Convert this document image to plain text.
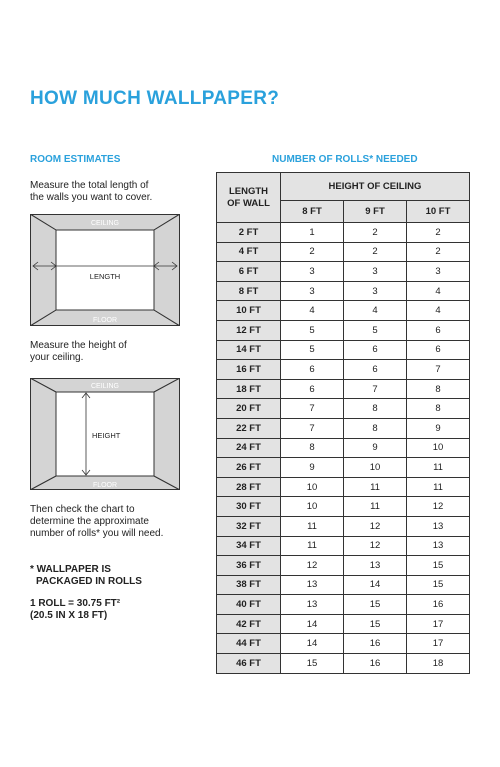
HOW MUCH WALLPAPER?
ROOM ESTIMATES
Measure the total length of
the walls you want to cover.
CEILING
FLOOR
LENGTH
Measure the height of
your ceiling.
CEILING
FLOOR
HEIGHT
Then check the chart to
determine the approximate
number of rolls* you will need.
* WALLPAPER IS
PACKAGED IN ROLLS
1 ROLL = 30.75 FT²
(20.5 IN X 18 FT)
NUMBER OF ROLLS* NEEDED
LENGTH
OF WALL	HEIGHT OF CEILING		
	8 FT	9 FT	10 FT
2 FT	1	2	2
4 FT	2	2	2
6 FT	3	3	3
8 FT	3	3	4
10 FT	4	4	4
12 FT	5	5	6
14 FT	5	6	6
16 FT	6	6	7
18 FT	6	7	8
20 FT	7	8	8
22 FT	7	8	9
24 FT	8	9	10
26 FT	9	10	11
28 FT	10	11	11
30 FT	10	11	12
32 FT	11	12	13
34 FT	11	12	13
36 FT	12	13	15
38 FT	13	14	15
40 FT	13	15	16
42 FT	14	15	17
44 FT	14	16	17
46 FT	15	16	18
